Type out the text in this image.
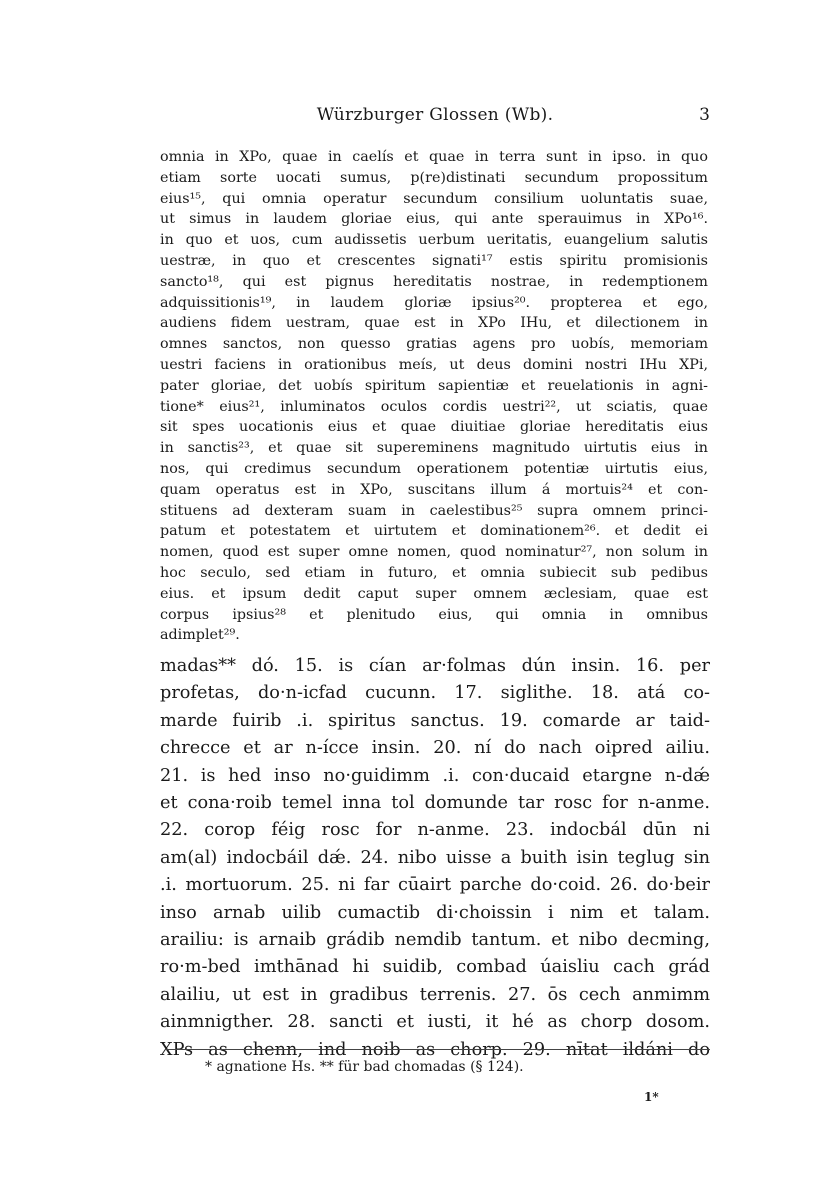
Würzburger Glossen (Wb).	3
omnia in XPo, quae in caelís et quae in terra sunt in ipso. in quo
etiam sorte uocati sumus, p(re)distinati secundum propossitum
eius¹⁵, qui omnia operatur secundum consilium uoluntatis suae,
ut simus in laudem gloriae eius, qui ante sperauimus in XPo¹⁶.
in quo et uos, cum audissetis uerbum ueritatis, euangelium salutis
uestræ, in quo et crescentes signati¹⁷ estis spiritu promisionis
sancto¹⁸, qui est pignus hereditatis nostrae, in redemptionem
adquissitionis¹⁹, in laudem gloriæ ipsius²⁰. propterea et ego,
audiens fidem uestram, quae est in XPo IHu, et dilectionem in
omnes sanctos, non quesso gratias agens pro uobís, memoriam
uestri faciens in orationibus meís, ut deus domini nostri IHu XPi,
pater gloriae, det uobís spiritum sapientiæ et reuelationis in agni-
tione* eius²¹, inluminatos oculos cordis uestri²², ut sciatis, quae
sit spes uocationis eius et quae diuitiae gloriae hereditatis eius
in sanctis²³, et quae sit supereminens magnitudo uirtutis eius in
nos, qui credimus secundum operationem potentiæ uirtutis eius,
quam operatus est in XPo, suscitans illum á mortuis²⁴ et con-
stituens ad dexteram suam in caelestibus²⁵ supra omnem princi-
patum et potestatem et uirtutem et dominationem²⁶. et dedit ei
nomen, quod est super omne nomen, quod nominatur²⁷, non solum in
hoc seculo, sed etiam in futuro, et omnia subiecit sub pedibus
eius. et ipsum dedit caput super omnem æclesiam, quae est
corpus ipsius²⁸ et plenitudo eius, qui omnia in omnibus
adimplet²⁹.
madas** dó. 15. is cían ar·folmas dún insin. 16. per
profetas, do·n-icfad cucunn. 17. siglithe. 18. atá co-
marde fuirib .i. spiritus sanctus. 19. comarde ar taid-
chrecce et ar n-ícce insin. 20. ní do nach oipred ailiu.
21. is hed inso no·guidimm .i. con·ducaid etargne n-dǽ
et cona·roib temel inna tol domunde tar rosc for n-anme.
22. corop féig rosc for n-anme. 23. indocbál dūn ni
am(al) indocbáil dǽ. 24. nibo uisse a buith isin teglug sin
.i. mortuorum. 25. ni far cūairt parche do·coid. 26. do·beir
inso arnab uilib cumactib di·choissin i nim et talam.
arailiu: is arnaib grádib nemdib tantum. et nibo decming,
ro·m-bed imthānad hi suidib, combad úaisliu cach grád
alailiu, ut est in gradibus terrenis. 27. ōs cech anmimm
ainmnigther. 28. sancti et iusti, it hé as chorp dosom.
XPs as chenn, ind noib as chorp. 29. nītat ildáni do
* agnatione Hs. ** für bad chomadas (§ 124).
1*
